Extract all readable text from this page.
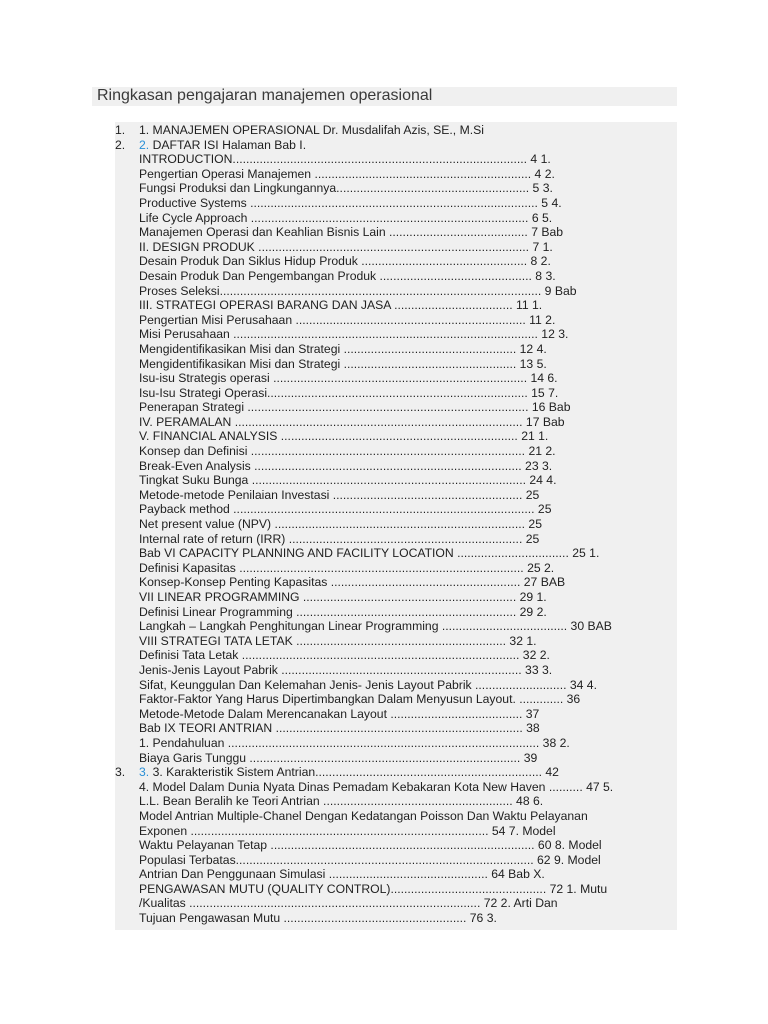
Ringkasan pengajaran manajemen operasional
1. 1. MANAJEMEN OPERASIONAL Dr. Musdalifah Azis, SE., M.Si
2. 2. DAFTAR ISI Halaman Bab I.
INTRODUCTION....................................................................................... 4 1.
Pengertian Operasi Manajemen ................................................................ 4 2.
Fungsi Produksi dan Lingkungannya......................................................... 5 3.
Productive Systems ..................................................................................... 5 4.
Life Cycle Approach .................................................................................. 6 5.
Manajemen Operasi dan Keahlian Bisnis Lain ......................................... 7 Bab
II. DESIGN PRODUK ................................................................................ 7 1.
Desain Produk Dan Siklus Hidup Produk ................................................. 8 2.
Desain Produk Dan Pengembangan Produk ............................................. 8 3.
Proses Seleksi............................................................................................... 9 Bab
III. STRATEGI OPERASI BARANG DAN JASA ................................... 11 1.
Pengertian Misi Perusahaan .................................................................... 11 2.
Misi Perusahaan .......................................................................................... 12 3.
Mengidentifikasikan Misi dan Strategi ................................................... 12 4.
Mengidentifikasikan Misi dan Strategi ................................................... 13 5.
Isu-isu Strategis operasi ........................................................................... 14 6.
Isu-Isu Strategi Operasi............................................................................. 15 7.
Penerapan Strategi ................................................................................... 16 Bab
IV. PERAMALAN ..................................................................................... 17 Bab
V. FINANCIAL ANALYSIS ...................................................................... 21 1.
Konsep dan Definisi ................................................................................. 21 2.
Break-Even Analysis ............................................................................... 23 3.
Tingkat Suku Bunga ................................................................................. 24 4.
Metode-metode Penilaian Investasi ........................................................ 25
Payback method ......................................................................................... 25
Net present value (NPV) .......................................................................... 25
Internal rate of return (IRR) ..................................................................... 25
Bab VI CAPACITY PLANNING AND FACILITY LOCATION ................................. 25 1.
Definisi Kapasitas .................................................................................... 25 2.
Konsep-Konsep Penting Kapasitas ........................................................ 27 BAB
VII LINEAR PROGRAMMING ............................................................... 29 1.
Definisi Linear Programming ................................................................. 29 2.
Langkah – Langkah Penghitungan Linear Programming ..................................... 30 BAB
VIII STRATEGI TATA LETAK .............................................................. 32 1.
Definisi Tata Letak .................................................................................. 32 2.
Jenis-Jenis Layout Pabrik ....................................................................... 33 3.
Sifat, Keunggulan Dan Kelemahan Jenis- Jenis Layout Pabrik ........................... 34 4.
Faktor-Faktor Yang Harus Dipertimbangkan Dalam Menyusun Layout. ............. 36
Metode-Metode Dalam Merencanakan Layout ....................................... 37
Bab IX TEORI ANTRIAN ......................................................................... 38
1. Pendahuluan ............................................................................................ 38 2.
Biaya Garis Tunggu ................................................................................ 39
3. 3. 3. Karakteristik Sistem Antrian................................................................... 42
4. Model Dalam Dunia Nyata Dinas Pemadam Kebakaran Kota New Haven .......... 47 5.
L.L. Bean Beralih ke Teori Antrian ........................................................ 48 6.
Model Antrian Multiple-Chanel Dengan Kedatangan Poisson Dan Waktu Pelayanan
Exponen ........................................................................................ 54 7. Model
Waktu Pelayanan Tetap .............................................................................. 60 8. Model
Populasi Terbatas........................................................................................ 62 9. Model
Antrian Dan Penggunaan Simulasi ............................................... 64 Bab X.
PENGAWASAN MUTU (QUALITY CONTROL).............................................. 72 1. Mutu
/Kualitas ...................................................................................... 72 2. Arti Dan
Tujuan Pengawasan Mutu ...................................................... 76 3.
